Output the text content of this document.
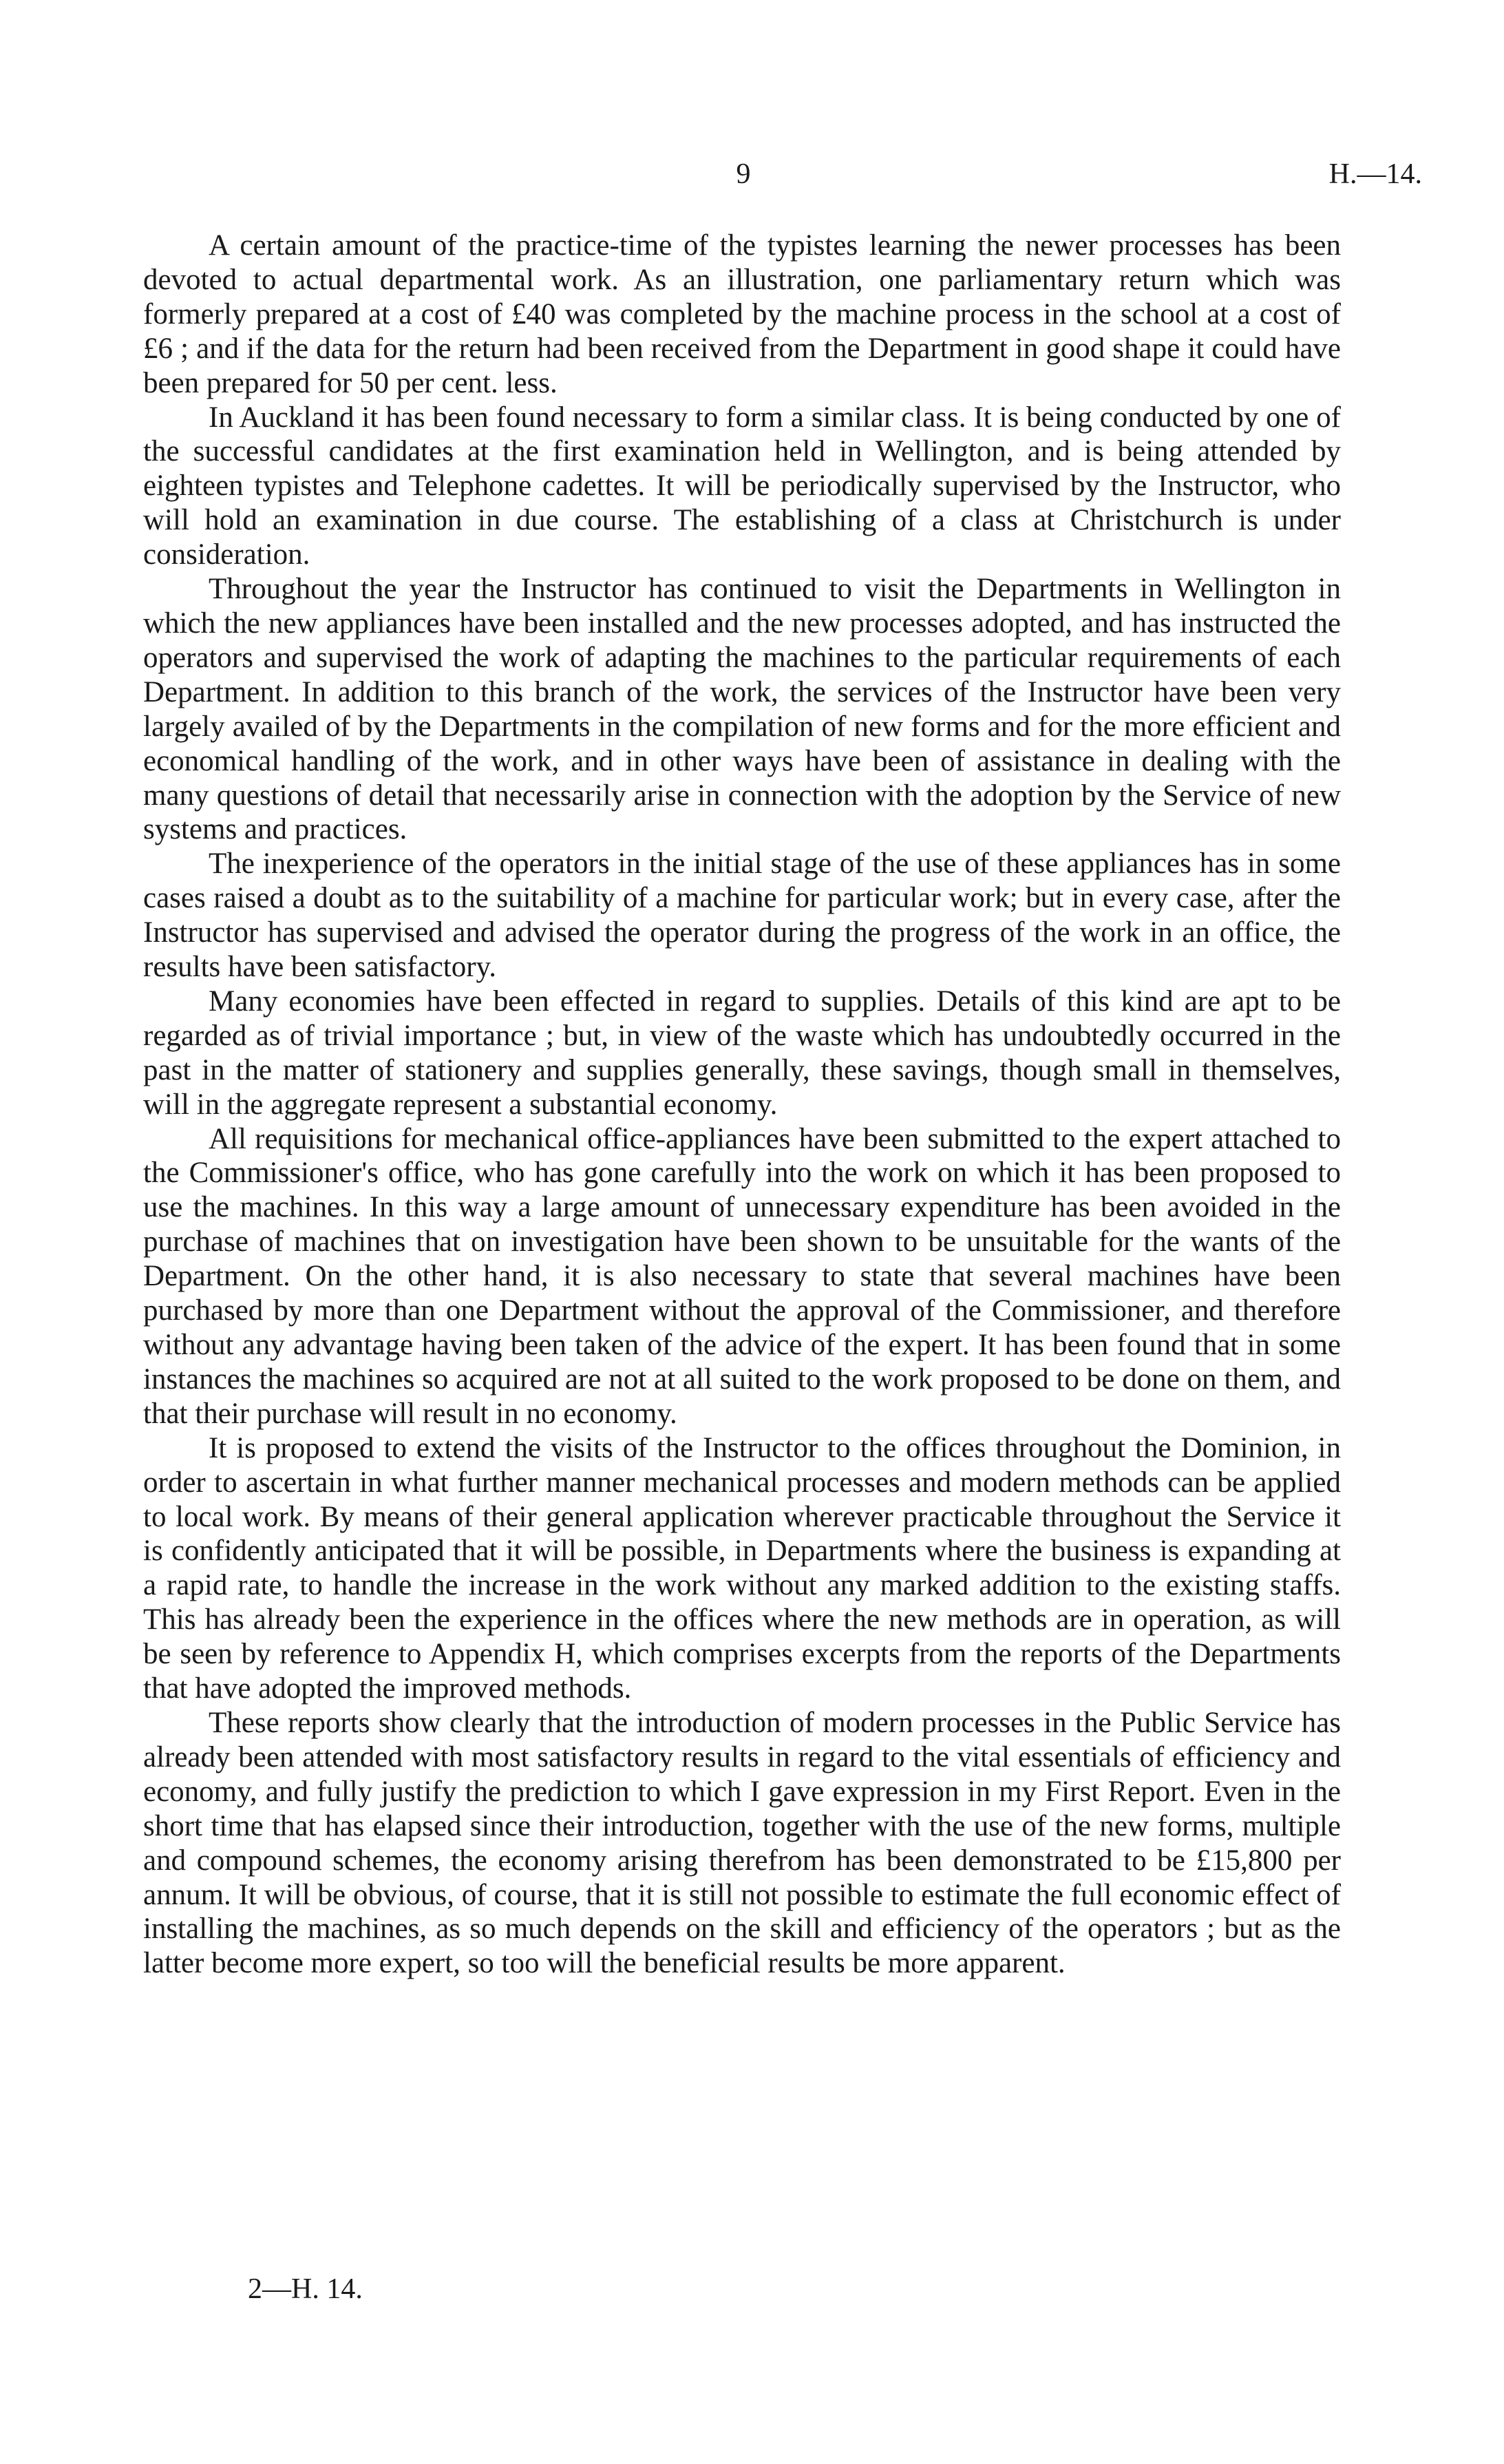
9	H.—14.

A certain amount of the practice-time of the typistes learning the newer processes has been devoted to actual departmental work. As an illustration, one parliamentary return which was formerly prepared at a cost of £40 was completed by the machine process in the school at a cost of £6 ; and if the data for the return had been received from the Department in good shape it could have been prepared for 50 per cent. less.

In Auckland it has been found necessary to form a similar class. It is being conducted by one of the successful candidates at the first examination held in Wellington, and is being attended by eighteen typistes and Telephone cadettes. It will be periodically supervised by the Instructor, who will hold an examination in due course. The establishing of a class at Christchurch is under consideration.

Throughout the year the Instructor has continued to visit the Departments in Wellington in which the new appliances have been installed and the new processes adopted, and has instructed the operators and supervised the work of adapting the machines to the particular requirements of each Department. In addition to this branch of the work, the services of the Instructor have been very largely availed of by the Departments in the compilation of new forms and for the more efficient and economical handling of the work, and in other ways have been of assistance in dealing with the many questions of detail that necessarily arise in connection with the adoption by the Service of new systems and practices.

The inexperience of the operators in the initial stage of the use of these appliances has in some cases raised a doubt as to the suitability of a machine for particular work; but in every case, after the Instructor has supervised and advised the operator during the progress of the work in an office, the results have been satisfactory.

Many economies have been effected in regard to supplies. Details of this kind are apt to be regarded as of trivial importance ; but, in view of the waste which has undoubtedly occurred in the past in the matter of stationery and supplies generally, these savings, though small in themselves, will in the aggregate represent a substantial economy.

All requisitions for mechanical office-appliances have been submitted to the expert attached to the Commissioner's office, who has gone carefully into the work on which it has been proposed to use the machines. In this way a large amount of unnecessary expenditure has been avoided in the purchase of machines that on investigation have been shown to be unsuitable for the wants of the Department. On the other hand, it is also necessary to state that several machines have been purchased by more than one Department without the approval of the Commissioner, and therefore without any advantage having been taken of the advice of the expert. It has been found that in some instances the machines so acquired are not at all suited to the work proposed to be done on them, and that their purchase will result in no economy.

It is proposed to extend the visits of the Instructor to the offices throughout the Dominion, in order to ascertain in what further manner mechanical processes and modern methods can be applied to local work. By means of their general application wherever practicable throughout the Service it is confidently anticipated that it will be possible, in Departments where the business is expanding at a rapid rate, to handle the increase in the work without any marked addition to the existing staffs. This has already been the experience in the offices where the new methods are in operation, as will be seen by reference to Appendix H, which comprises excerpts from the reports of the Departments that have adopted the improved methods.

These reports show clearly that the introduction of modern processes in the Public Service has already been attended with most satisfactory results in regard to the vital essentials of efficiency and economy, and fully justify the prediction to which I gave expression in my First Report. Even in the short time that has elapsed since their introduction, together with the use of the new forms, multiple and compound schemes, the economy arising therefrom has been demonstrated to be £15,800 per annum. It will be obvious, of course, that it is still not possible to estimate the full economic effect of installing the machines, as so much depends on the skill and efficiency of the operators ; but as the latter become more expert, so too will the beneficial results be more apparent.

2—H. 14.
